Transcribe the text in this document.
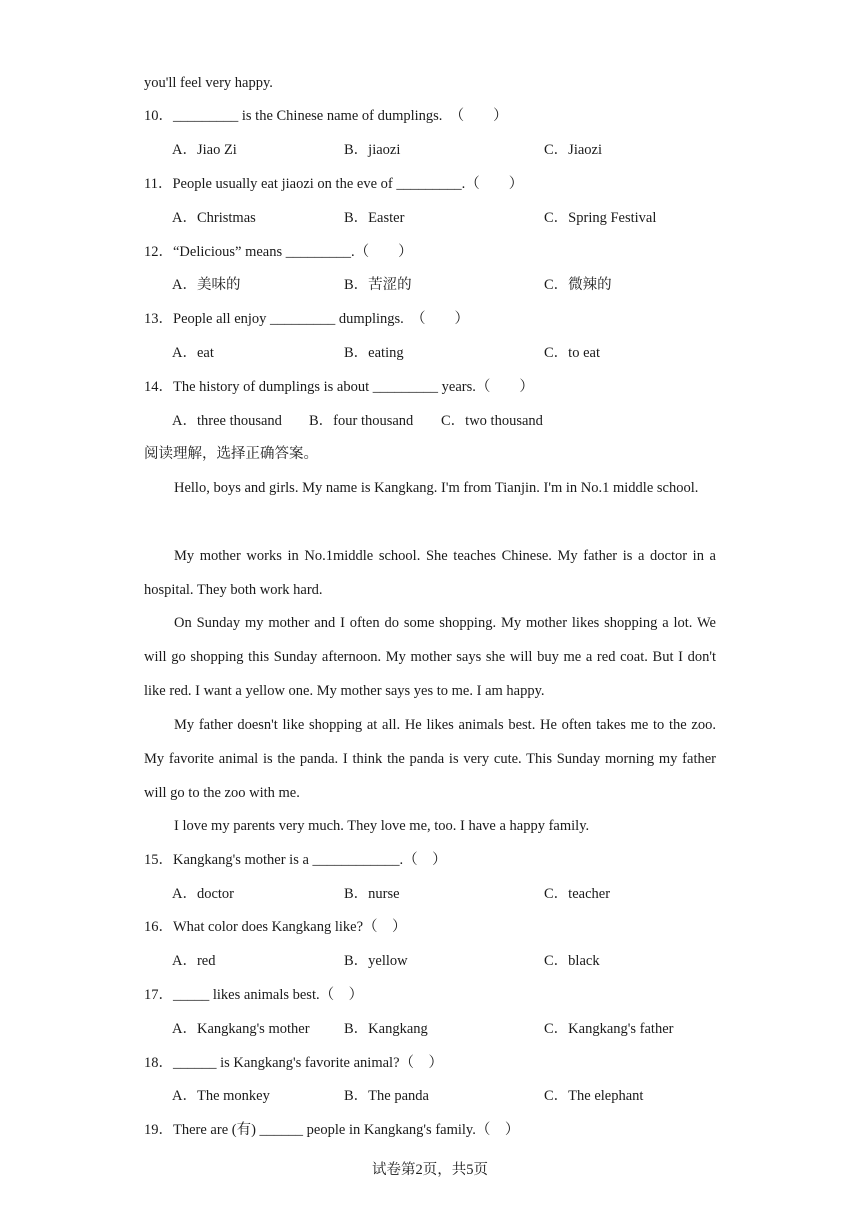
you'll feel very happy.
10．_________ is the Chinese name of dumplings.　（　　）
A．Jiao Zi	B．jiaozi	C．Jiaozi
11．People usually eat jiaozi on the eve of _________.（　　）
A．Christmas	B．Easter	C．Spring Festival
12．“Delicious” means _________.（　　）
A．美味的	B．苦涩的	C．微辣的
13．People all enjoy _________ dumplings.　（　　）
A．eat	B．eating	C．to eat
14．The history of dumplings is about _________ years.（　　）
A．three thousand B．four thousand C．two thousand
阅读理解，选择正确答案。
Hello, boys and girls. My name is Kangkang. I'm from Tianjin. I'm in No.1 middle school.
My mother works in No.1middle school. She teaches Chinese. My father is a doctor in a hospital. They both work hard.
On Sunday my mother and I often do some shopping. My mother likes shopping a lot. We will go shopping this Sunday afternoon. My mother says she will buy me a red coat. But I don't like red. I want a yellow one. My mother says yes to me. I am happy.
My father doesn't like shopping at all. He likes animals best. He often takes me to the zoo. My favorite animal is the panda. I think the panda is very cute. This Sunday morning my father will go to the zoo with me.
I love my parents very much. They love me, too. I have a happy family.
15．Kangkang's mother is a ____________.（　）
A．doctor	B．nurse	C．teacher
16．What color does Kangkang like?（　）
A．red	B．yellow	C．black
17．_____ likes animals best.（　）
A．Kangkang's mother B．Kangkang	C．Kangkang's father
18．______ is Kangkang's favorite animal?（　）
A．The monkey	B．The panda	C．The elephant
19．There are (有) ______ people in Kangkang's family.（　）
试卷第2页，共5页
